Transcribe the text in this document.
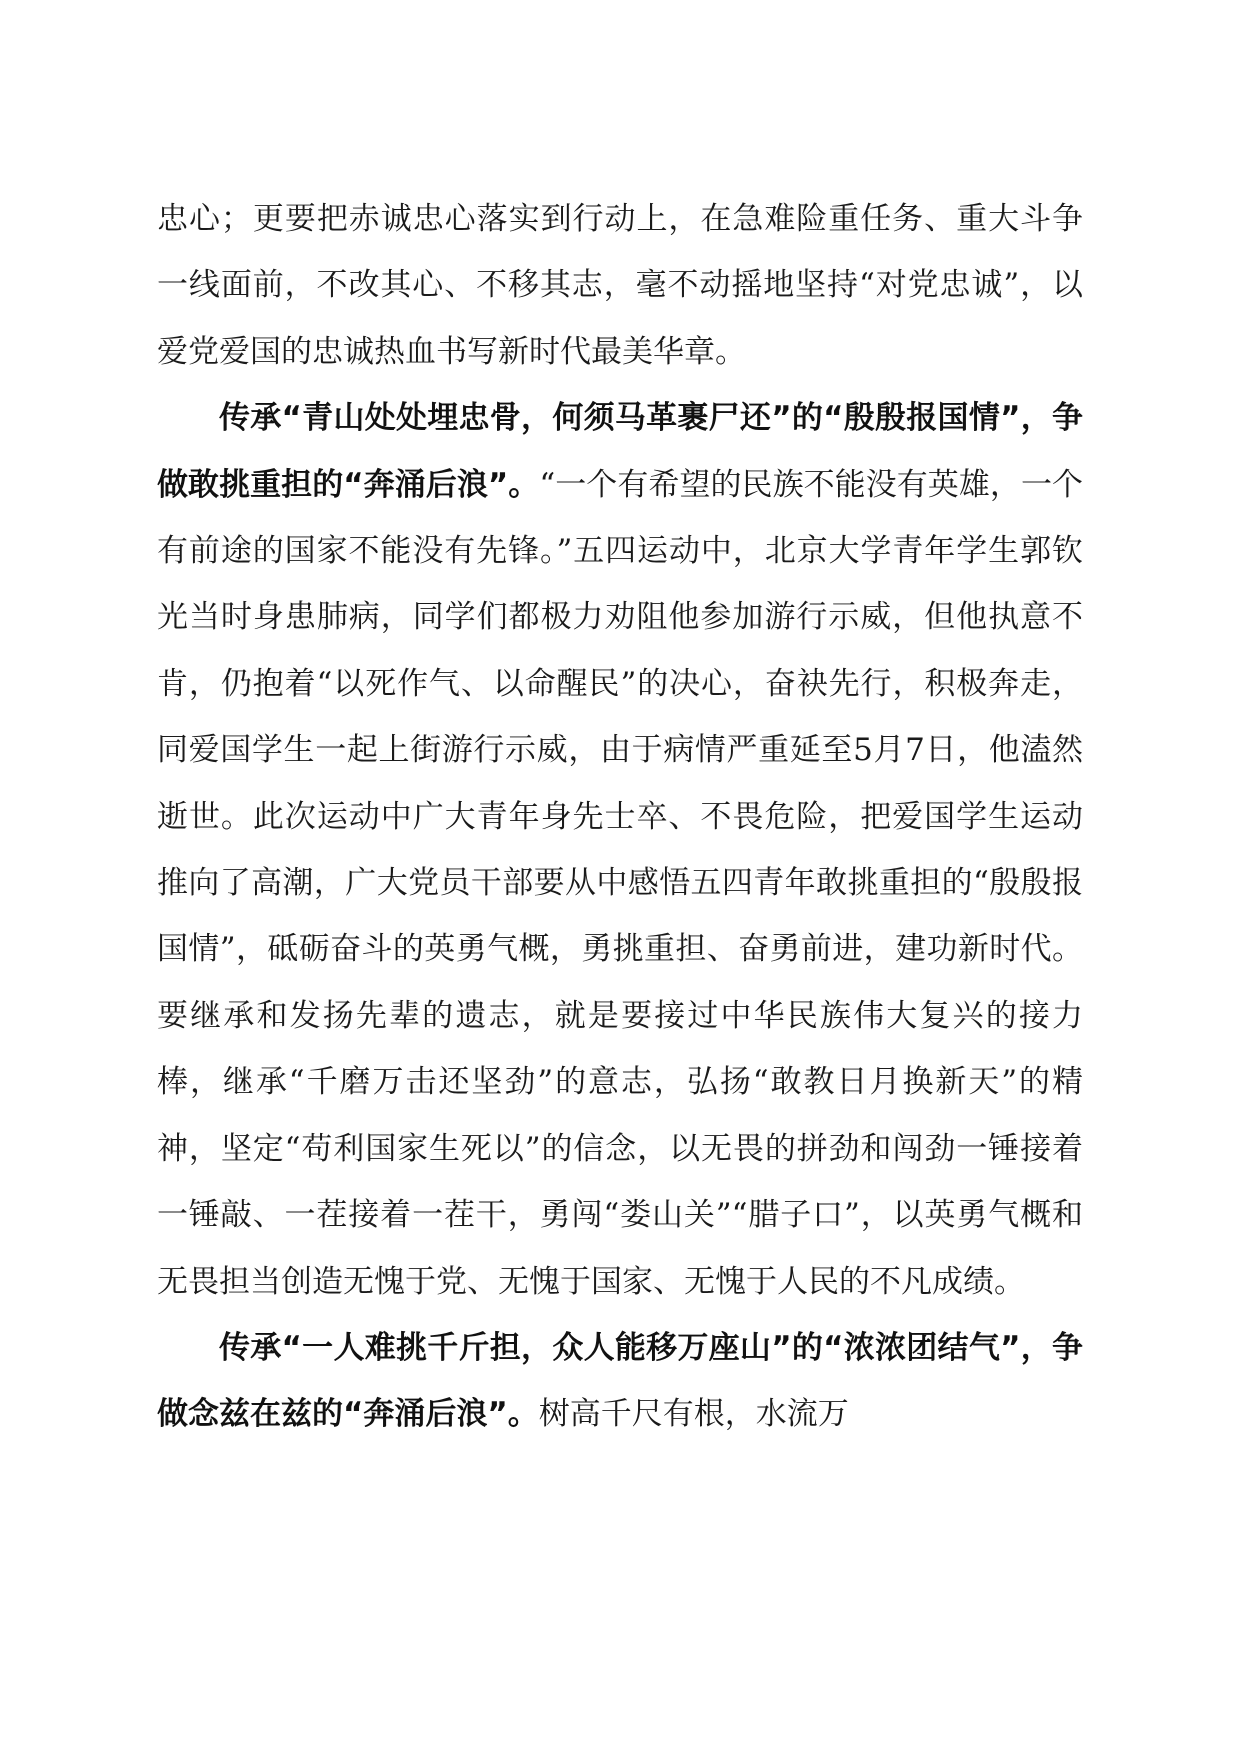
忠心；更要把赤诚忠心落实到行动上，在急难险重任务、重大斗争一线面前，不改其心、不移其志，毫不动摇地坚持“对党忠诚”，以爱党爱国的忠诚热血书写新时代最美华章。

传承“青山处处埋忠骨，何须马革裹尸还”的“殷殷报国情”，争做敢挑重担的“奔涌后浪”。“一个有希望的民族不能没有英雄，一个有前途的国家不能没有先锋。”五四运动中，北京大学青年学生郭钦光当时身患肺病，同学们都极力劝阻他参加游行示威，但他执意不肯，仍抱着“以死作气、以命醒民”的决心，奋袂先行，积极奔走，同爱国学生一起上街游行示威，由于病情严重延至5月7日，他溘然逝世。此次运动中广大青年身先士卒、不畏危险，把爱国学生运动推向了高潮，广大党员干部要从中感悟五四青年敢挑重担的“殷殷报国情”，砥砺奋斗的英勇气概，勇挑重担、奋勇前进，建功新时代。要继承和发扬先辈的遗志，就是要接过中华民族伟大复兴的接力棒，继承“千磨万击还坚劲”的意志，弘扬“敢教日月换新天”的精神，坚定“苟利国家生死以”的信念，以无畏的拼劲和闯劲一锤接着一锤敲、一茬接着一茬干，勇闯“娄山关”“腊子口”，以英勇气概和无畏担当创造无愧于党、无愧于国家、无愧于人民的不凡成绩。

传承“一人难挑千斤担，众人能移万座山”的“浓浓团结气”，争做念兹在兹的“奔涌后浪”。树高千尺有根，水流万
